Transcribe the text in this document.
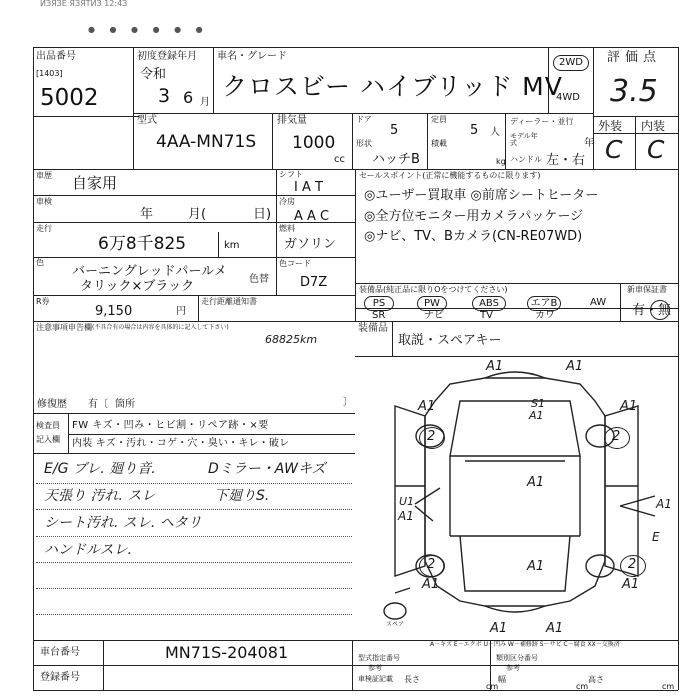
ИЗЯЗЕ ЯЗЯТИЗ 12:4З
● ● ● ● ● ●
出品番号
[1403]
5002
初度登録年月
令和
3 6 月
車名・グレード
クロスビー ハイブリッド MV
2WD
4WD
評価点
3.5
外装 内装
C C
型式
4AA-MN71S
排気量
1000
cc
ドア
5
定員
5 人
形状
ハッチB
積載
kg
ディーラー・並行
モデル年式
ハンドル 左・右
年
車歴 自家用
車検
年	月(	日)
走行
6万8千825	km
色
バーニングレッドパールメ
タリック×ブラック	色替
色コード
D7Z
シフト
I A T
冷房
A A C
燃料
ガソリン
R券
9,150	円
走行距離通知書
セールスポイント(正常に機能するものに限ります)
◎ユーザー買取車 ◎前席シートヒーター
◎全方位モニター用カメラパッケージ
◎ナビ、TV、Bカメラ(CN-RE07WD)
装備品(純正品に限りOをつけてください)
PS	PW	ABS	エアB	AW
SR	ナビ	TV	カワ
新車保証書
有・無
注意事項申告欄 (不具合有の場合は内容を具体的に記入して下さい)
68825km
装備品
取説・スペアキー
修復歴 有〔 箇所	〕
検査員
記入欄
FW キズ・凹み・ヒビ割・リペア跡・×要
内装 キズ・汚れ・コゲ・穴・臭い・キレ・破レ
E/G ブレ. 廻り音.
天張り 汚れ. スレ
シート汚れ. スレ. ヘタリ
ハンドルスレ.
Dミラー・AWキズ
下廻りS.
A1	A1
S1
A1
A1	A1
A1
A1
A1	A1
A1	A1
A1
E
U1
A1
2	2
2	2
スペア
A－キズ E－エクボ U－凹み W－補修跡 S－サビ C－腐食 XX－交換済
車台番号	MN71S-204081
登録番号
型式指定番号
参考
類別区分番号
参考
車検証記載 長さ
cm
幅
cm
高さ
cm
